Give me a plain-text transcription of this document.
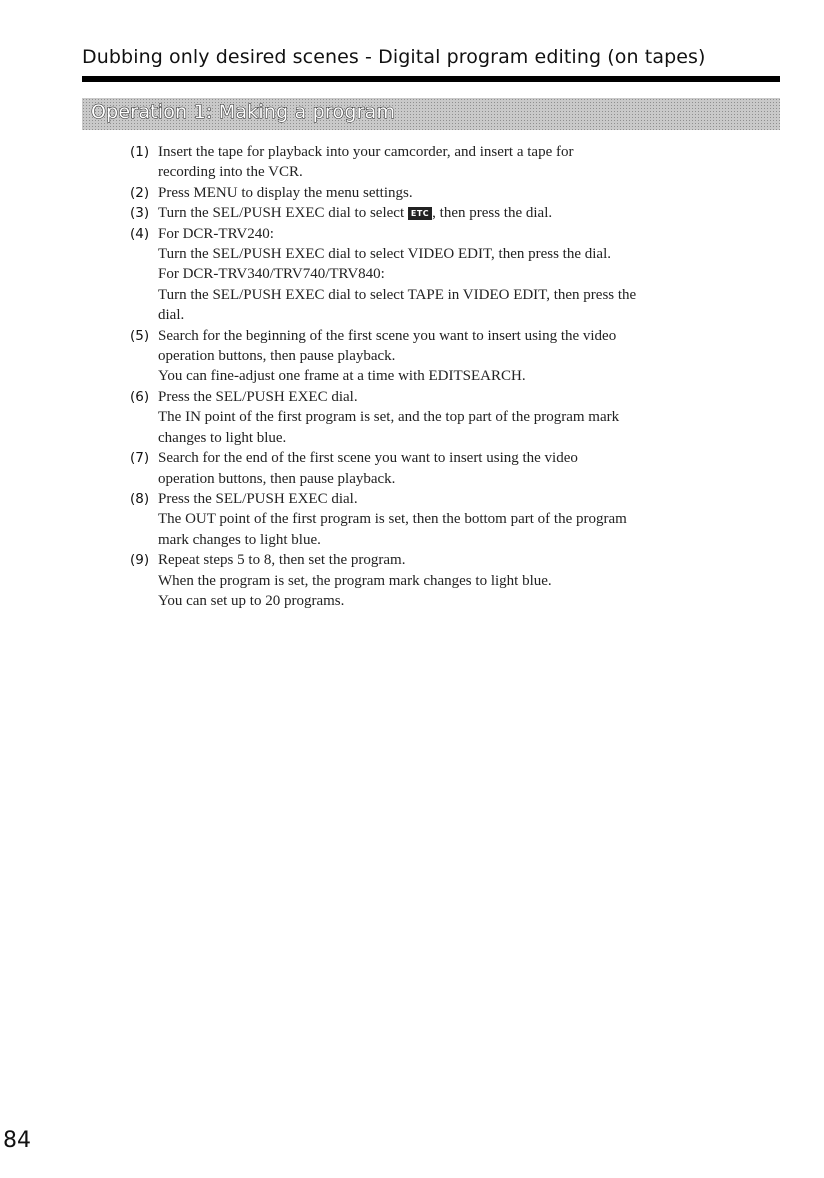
Dubbing only desired scenes - Digital program editing (on tapes)
Operation 1: Making a program
(1) Insert the tape for playback into your camcorder, and insert a tape for
recording into the VCR.
(2) Press MENU to display the menu settings.
(3) Turn the SEL/PUSH EXEC dial to select ETC , then press the dial.
(4) For DCR-TRV240:
Turn the SEL/PUSH EXEC dial to select VIDEO EDIT, then press the dial.
For DCR-TRV340/TRV740/TRV840:
Turn the SEL/PUSH EXEC dial to select TAPE in VIDEO EDIT, then press the
dial.
(5) Search for the beginning of the first scene you want to insert using the video
operation buttons, then pause playback.
You can fine-adjust one frame at a time with EDITSEARCH.
(6) Press the SEL/PUSH EXEC dial.
The IN point of the first program is set, and the top part of the program mark
changes to light blue.
(7) Search for the end of the first scene you want to insert using the video
operation buttons, then pause playback.
(8) Press the SEL/PUSH EXEC dial.
The OUT point of the first program is set, then the bottom part of the program
mark changes to light blue.
(9) Repeat steps 5 to 8, then set the program.
When the program is set, the program mark changes to light blue.
You can set up to 20 programs.
84
